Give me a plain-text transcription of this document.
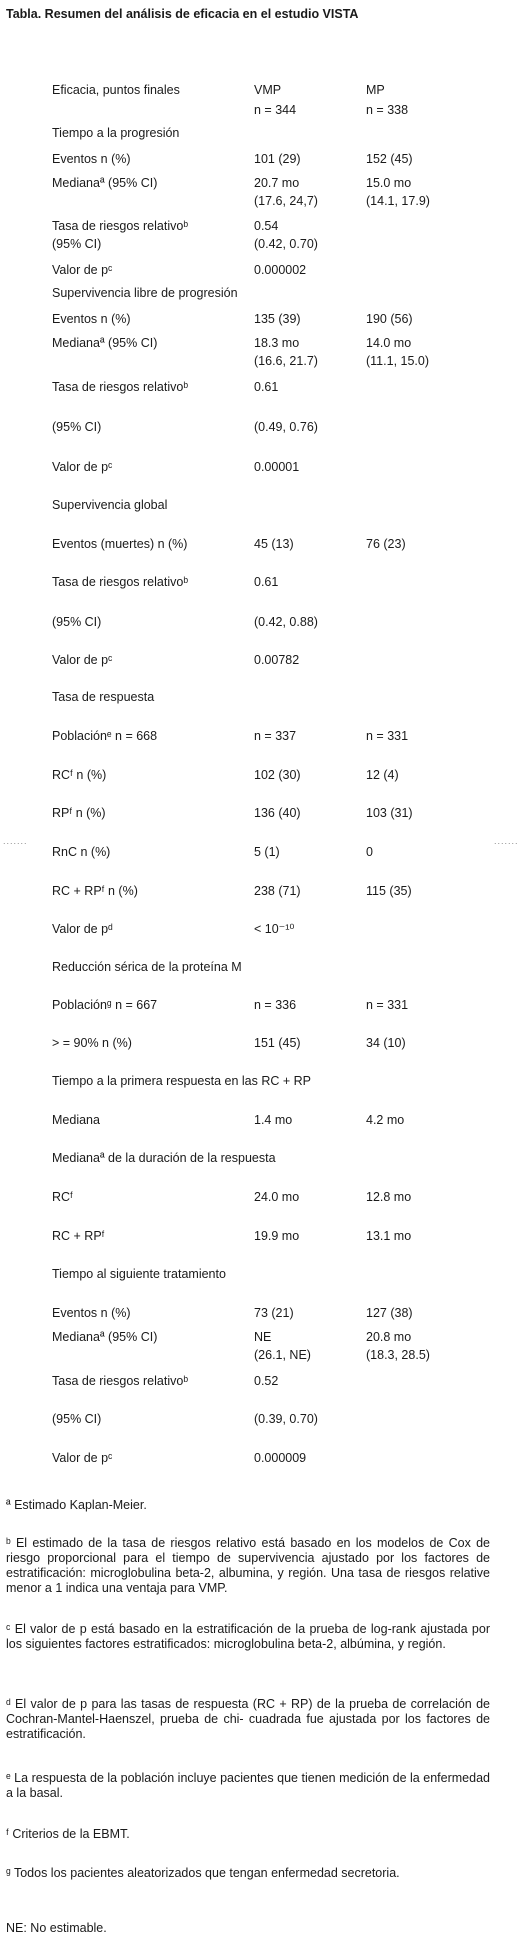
Tabla. Resumen del análisis de eficacia en el estudio VISTA
.......	.......
Eficacia, puntos finales	VMP	MP
n = 344	n = 338
Tiempo a la progresión
Eventos n (%)	101 (29)	152 (45)
Medianaª (95% CI)	20.7 mo	15.0 mo
(17.6, 24,7)	(14.1, 17.9)
Tasa de riesgos relativoᵇ	0.54
(95% CI)	(0.42, 0.70)
Valor de pᶜ	0.000002
Supervivencia libre de progresión
Eventos n (%)	135 (39)	190 (56)
Medianaª (95% CI)	18.3 mo	14.0 mo
(16.6, 21.7)	(11.1, 15.0)
Tasa de riesgos relativoᵇ	0.61
(95% CI)	(0.49, 0.76)
Valor de pᶜ	0.00001
Supervivencia global
Eventos (muertes) n (%)	45 (13)	76 (23)
Tasa de riesgos relativoᵇ	0.61
(95% CI)	(0.42, 0.88)
Valor de pᶜ	0.00782
Tasa de respuesta
Poblaciónᵉ n = 668	n = 337	n = 331
RCᶠ n (%)	102 (30)	12 (4)
RPᶠ n (%)	136 (40)	103 (31)
RnC n (%)	5 (1)	0
RC + RPᶠ n (%)	238 (71)	115 (35)
Valor de pᵈ	< 10⁻¹⁰
Reducción sérica de la proteína M
Poblaciónᵍ n = 667	n = 336	n = 331
> = 90% n (%)	151 (45)	34 (10)
Tiempo a la primera respuesta en las RC + RP
Mediana	1.4 mo	4.2 mo
Medianaª de la duración de la respuesta
RCᶠ	24.0 mo	12.8 mo
RC + RPᶠ	19.9 mo	13.1 mo
Tiempo al siguiente tratamiento
Eventos n (%)	73 (21)	127 (38)
Medianaª (95% CI)	NE	20.8 mo
(26.1, NE)	(18.3, 28.5)
Tasa de riesgos relativoᵇ	0.52
(95% CI)	(0.39, 0.70)
Valor de pᶜ	0.000009
ª Estimado Kaplan-Meier.
ᵇ El estimado de la tasa de riesgos relativo está basado en los modelos de Cox de riesgo proporcional para el tiempo de supervivencia ajustado por los factores de estratificación: microglobulina beta-2, albumina, y región. Una tasa de riesgos relative menor a 1 indica una ventaja para VMP.
ᶜ El valor de p está basado en la estratificación de la prueba de log-rank ajustada por los siguientes factores estratificados: microglobulina beta-2, albúmina, y región.
ᵈ El valor de p para las tasas de respuesta (RC + RP) de la prueba de correlación de Cochran-Mantel-Haenszel, prueba de chi- cuadrada fue ajustada por los factores de estratificación.
ᵉ La respuesta de la población incluye pacientes que tienen medición de la enfermedad a la basal.
ᶠ Criterios de la EBMT.
ᵍ Todos los pacientes aleatorizados que tengan enfermedad secretoria.
NE: No estimable.
